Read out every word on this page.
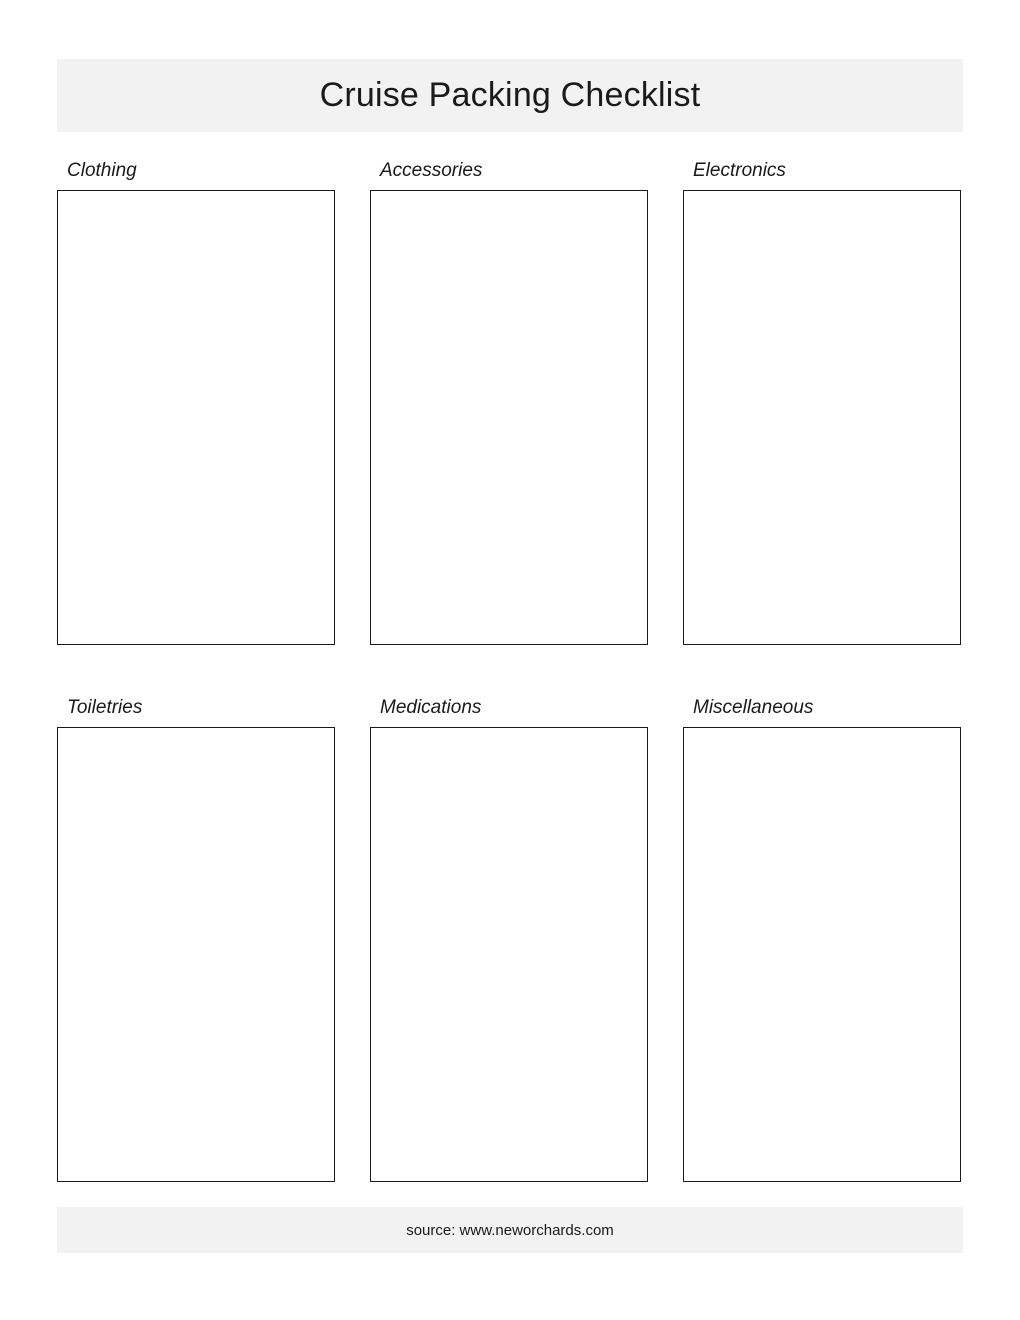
Cruise Packing Checklist
Clothing	Accessories	Electronics
Toiletries	Medications	Miscellaneous
source: www.neworchards.com
